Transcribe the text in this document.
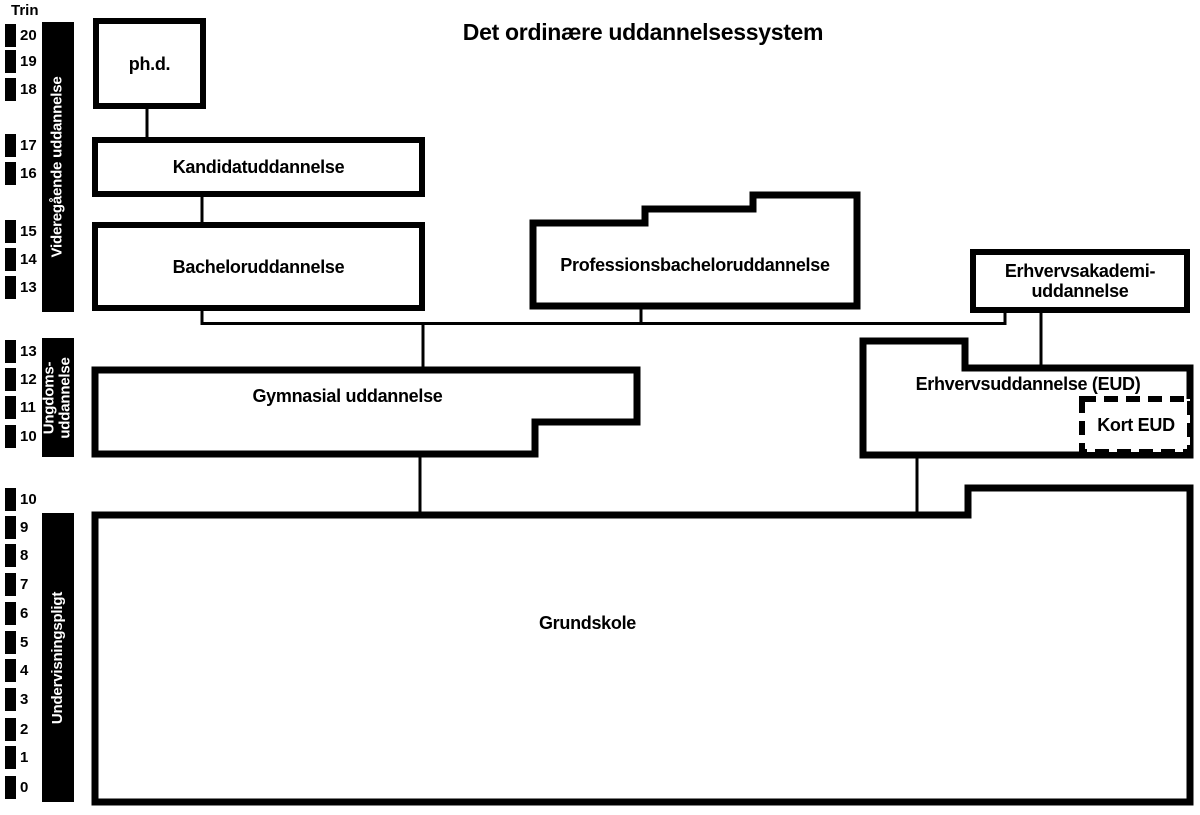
Det ordinære uddannelsessystem
Trin
20
19
18
17
16
15
14
13
13
12
11
10
10
9
8
7
6
5
4
3
2
1
0
Videregående uddannelse
Ungdoms- uddannelse
Undervisningspligt
ph.d.
Kandidatuddannelse
Bacheloruddannelse	Erhvervsakademi-
uddannelse
Professionsbacheloruddannelse
Gymnasial uddannelse
Erhvervsuddannelse (EUD)
Kort EUD
Grundskole
